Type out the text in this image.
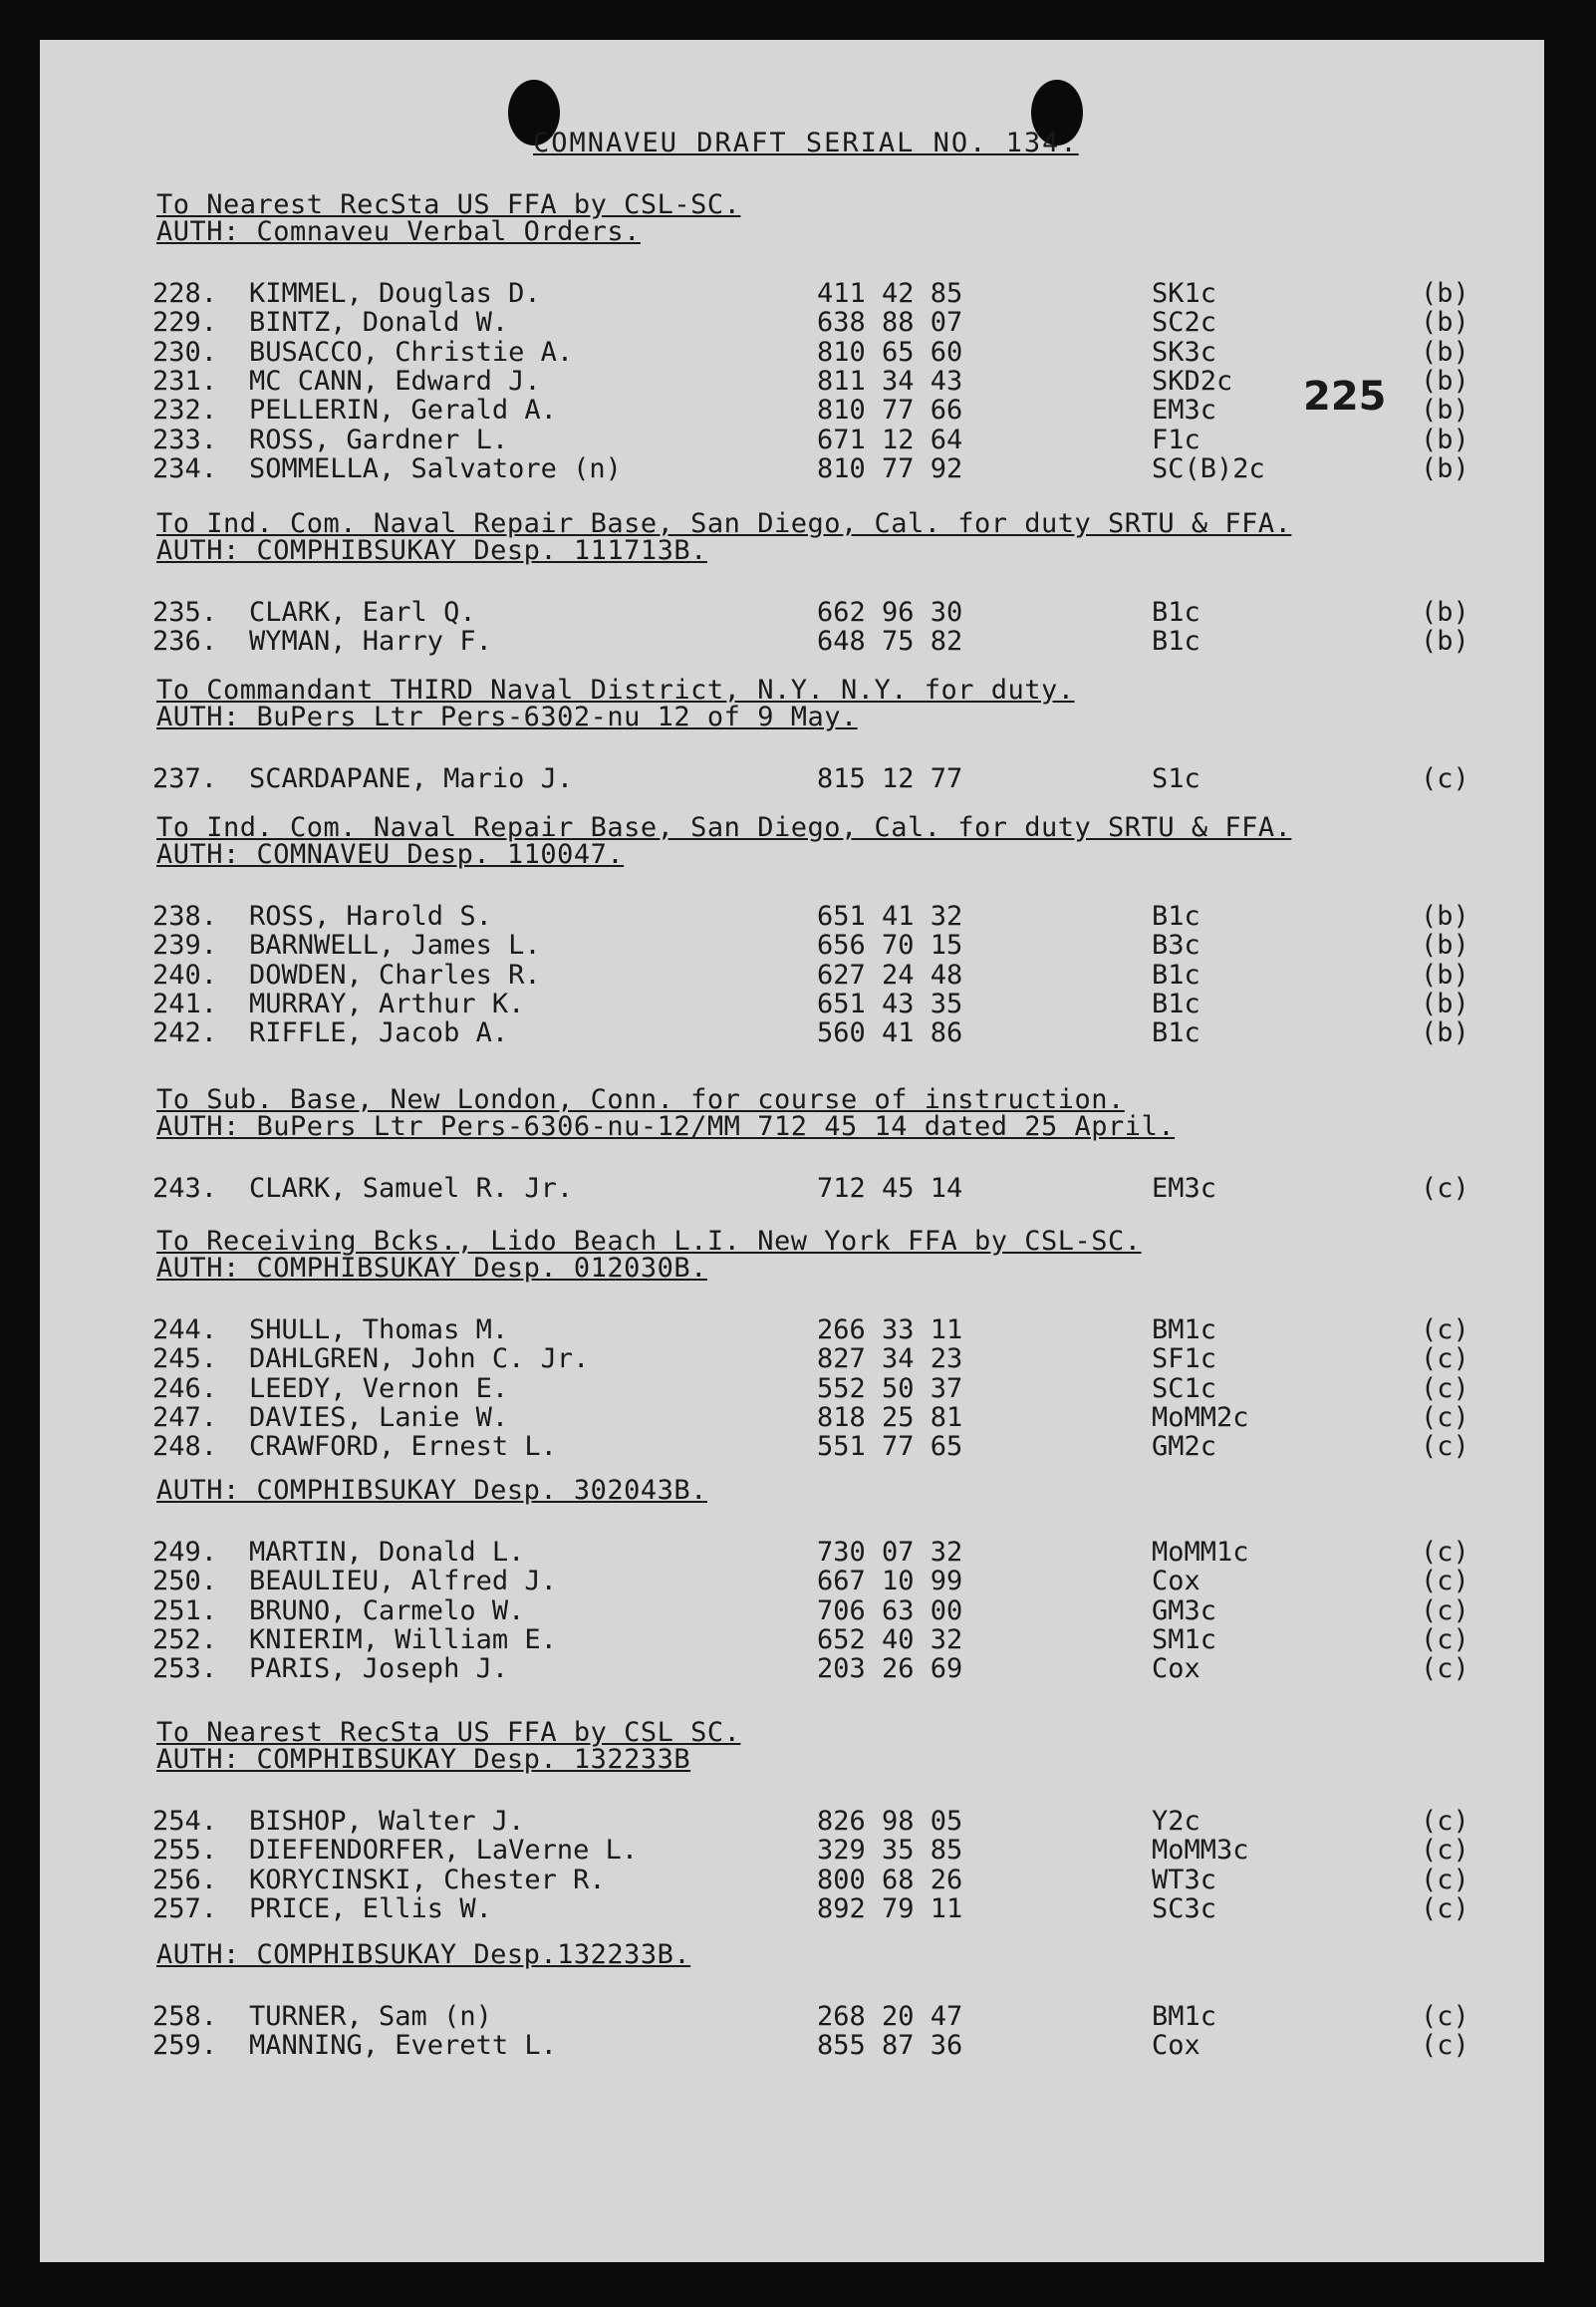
COMNAVEU DRAFT SERIAL NO. 134.
225
To Nearest RecSta US FFA by CSL-SC.
AUTH: Comnaveu Verbal Orders.
228. KIMMEL, Douglas D.	411 42 85	SK1c	(b)
229. BINTZ, Donald W.	638 88 07	SC2c	(b)
230. BUSACCO, Christie A.	810 65 60	SK3c	(b)
231. MC CANN, Edward J.	811 34 43	SKD2c	(b)
232. PELLERIN, Gerald A.	810 77 66	EM3c	(b)
233. ROSS, Gardner L.	671 12 64	F1c	(b)
234. SOMMELLA, Salvatore (n)	810 77 92	SC(B)2c	(b)
To Ind. Com. Naval Repair Base, San Diego, Cal. for duty SRTU & FFA.
AUTH: COMPHIBSUKAY Desp. 111713B.
235. CLARK, Earl Q.	662 96 30	B1c	(b)
236. WYMAN, Harry F.	648 75 82	B1c	(b)
To Commandant THIRD Naval District, N.Y. N.Y. for duty.
AUTH: BuPers Ltr Pers-6302-nu 12 of 9 May.
237. SCARDAPANE, Mario J.	815 12 77	S1c	(c)
To Ind. Com. Naval Repair Base, San Diego, Cal. for duty SRTU & FFA.
AUTH: COMNAVEU Desp. 110047.
238. ROSS, Harold S.	651 41 32	B1c	(b)
239. BARNWELL, James L.	656 70 15	B3c	(b)
240. DOWDEN, Charles R.	627 24 48	B1c	(b)
241. MURRAY, Arthur K.	651 43 35	B1c	(b)
242. RIFFLE, Jacob A.	560 41 86	B1c	(b)
To Sub. Base, New London, Conn. for course of instruction.
AUTH: BuPers Ltr Pers-6306-nu-12/MM 712 45 14 dated 25 April.
243. CLARK, Samuel R. Jr.	712 45 14	EM3c	(c)
To Receiving Bcks., Lido Beach L.I. New York FFA by CSL-SC.
AUTH: COMPHIBSUKAY Desp. 012030B.
244. SHULL, Thomas M.	266 33 11	BM1c	(c)
245. DAHLGREN, John C. Jr.	827 34 23	SF1c	(c)
246. LEEDY, Vernon E.	552 50 37	SC1c	(c)
247. DAVIES, Lanie W.	818 25 81	MoMM2c	(c)
248. CRAWFORD, Ernest L.	551 77 65	GM2c	(c)
AUTH: COMPHIBSUKAY Desp. 302043B.
249. MARTIN, Donald L.	730 07 32	MoMM1c	(c)
250. BEAULIEU, Alfred J.	667 10 99	Cox	(c)
251. BRUNO, Carmelo W.	706 63 00	GM3c	(c)
252. KNIERIM, William E.	652 40 32	SM1c	(c)
253. PARIS, Joseph J.	203 26 69	Cox	(c)
To Nearest RecSta US FFA by CSL SC.
AUTH: COMPHIBSUKAY Desp. 132233B
254. BISHOP, Walter J.	826 98 05	Y2c	(c)
255. DIEFENDORFER, LaVerne L.	329 35 85	MoMM3c	(c)
256. KORYCINSKI, Chester R.	800 68 26	WT3c	(c)
257. PRICE, Ellis W.	892 79 11	SC3c	(c)
AUTH: COMPHIBSUKAY Desp.132233B.
258. TURNER, Sam (n)	268 20 47	BM1c	(c)
259. MANNING, Everett L.	855 87 36	Cox	(c)
